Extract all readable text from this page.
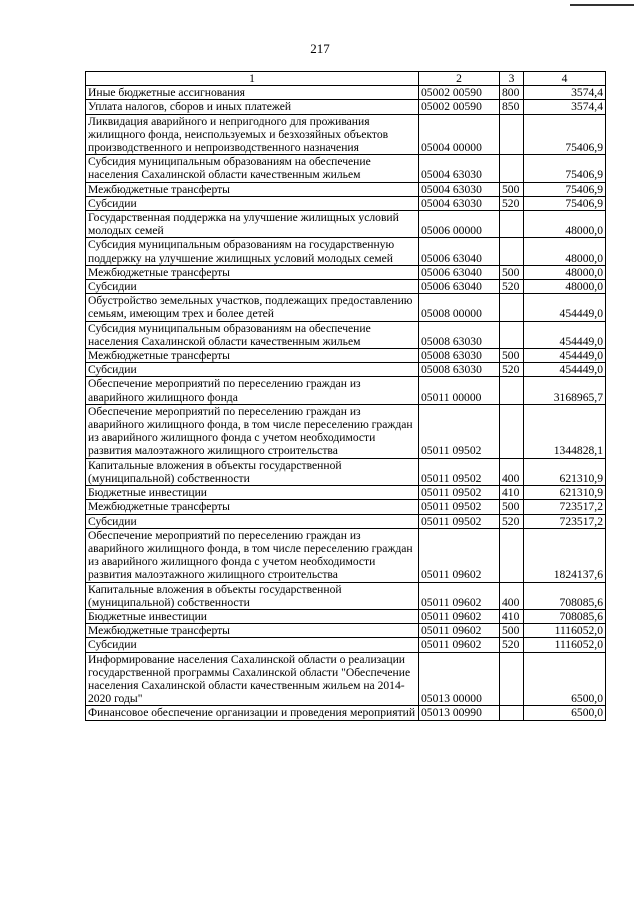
217
1	2	3	4
Иные бюджетные ассигнования	05002 00590	800	3574,4
Уплата налогов, сборов и иных платежей	05002 00590	850	3574,4
Ликвидация аварийного и непригодного для проживания жилищного фонда, неиспользуемых и безхозяйных объектов производственного и непроизводственного назначения	05004 00000		75406,9
Субсидия муниципальным образованиям на обеспечение населения Сахалинской области качественным жильем	05004 63030		75406,9
Межбюджетные трансферты	05004 63030	500	75406,9
Субсидии	05004 63030	520	75406,9
Государственная поддержка на улучшение жилищных условий молодых семей	05006 00000		48000,0
Субсидия муниципальным образованиям на государственную поддержку на улучшение жилищных условий молодых семей	05006 63040		48000,0
Межбюджетные трансферты	05006 63040	500	48000,0
Субсидии	05006 63040	520	48000,0
Обустройство земельных участков, подлежащих предоставлению семьям, имеющим трех и более детей	05008 00000		454449,0
Субсидия муниципальным образованиям на обеспечение населения Сахалинской области качественным жильем	05008 63030		454449,0
Межбюджетные трансферты	05008 63030	500	454449,0
Субсидии	05008 63030	520	454449,0
Обеспечение мероприятий по переселению граждан из аварийного жилищного фонда	05011 00000		3168965,7
Обеспечение мероприятий по переселению граждан из аварийного жилищного фонда, в том числе переселению граждан из аварийного жилищного фонда с учетом необходимости развития малоэтажного жилищного строительства	05011 09502		1344828,1
Капитальные вложения в объекты государственной (муниципальной) собственности	05011 09502	400	621310,9
Бюджетные инвестиции	05011 09502	410	621310,9
Межбюджетные трансферты	05011 09502	500	723517,2
Субсидии	05011 09502	520	723517,2
Обеспечение мероприятий по переселению граждан из аварийного жилищного фонда, в том числе переселению граждан из аварийного жилищного фонда с учетом необходимости развития малоэтажного жилищного строительства	05011 09602		1824137,6
Капитальные вложения в объекты государственной (муниципальной) собственности	05011 09602	400	708085,6
Бюджетные инвестиции	05011 09602	410	708085,6
Межбюджетные трансферты	05011 09602	500	1116052,0
Субсидии	05011 09602	520	1116052,0
Информирование населения Сахалинской области о реализации государственной программы Сахалинской области "Обеспечение населения Сахалинской области качественным жильем на 2014-2020 годы"	05013 00000		6500,0
Финансовое обеспечение организации и проведения мероприятий	05013 00990		6500,0
